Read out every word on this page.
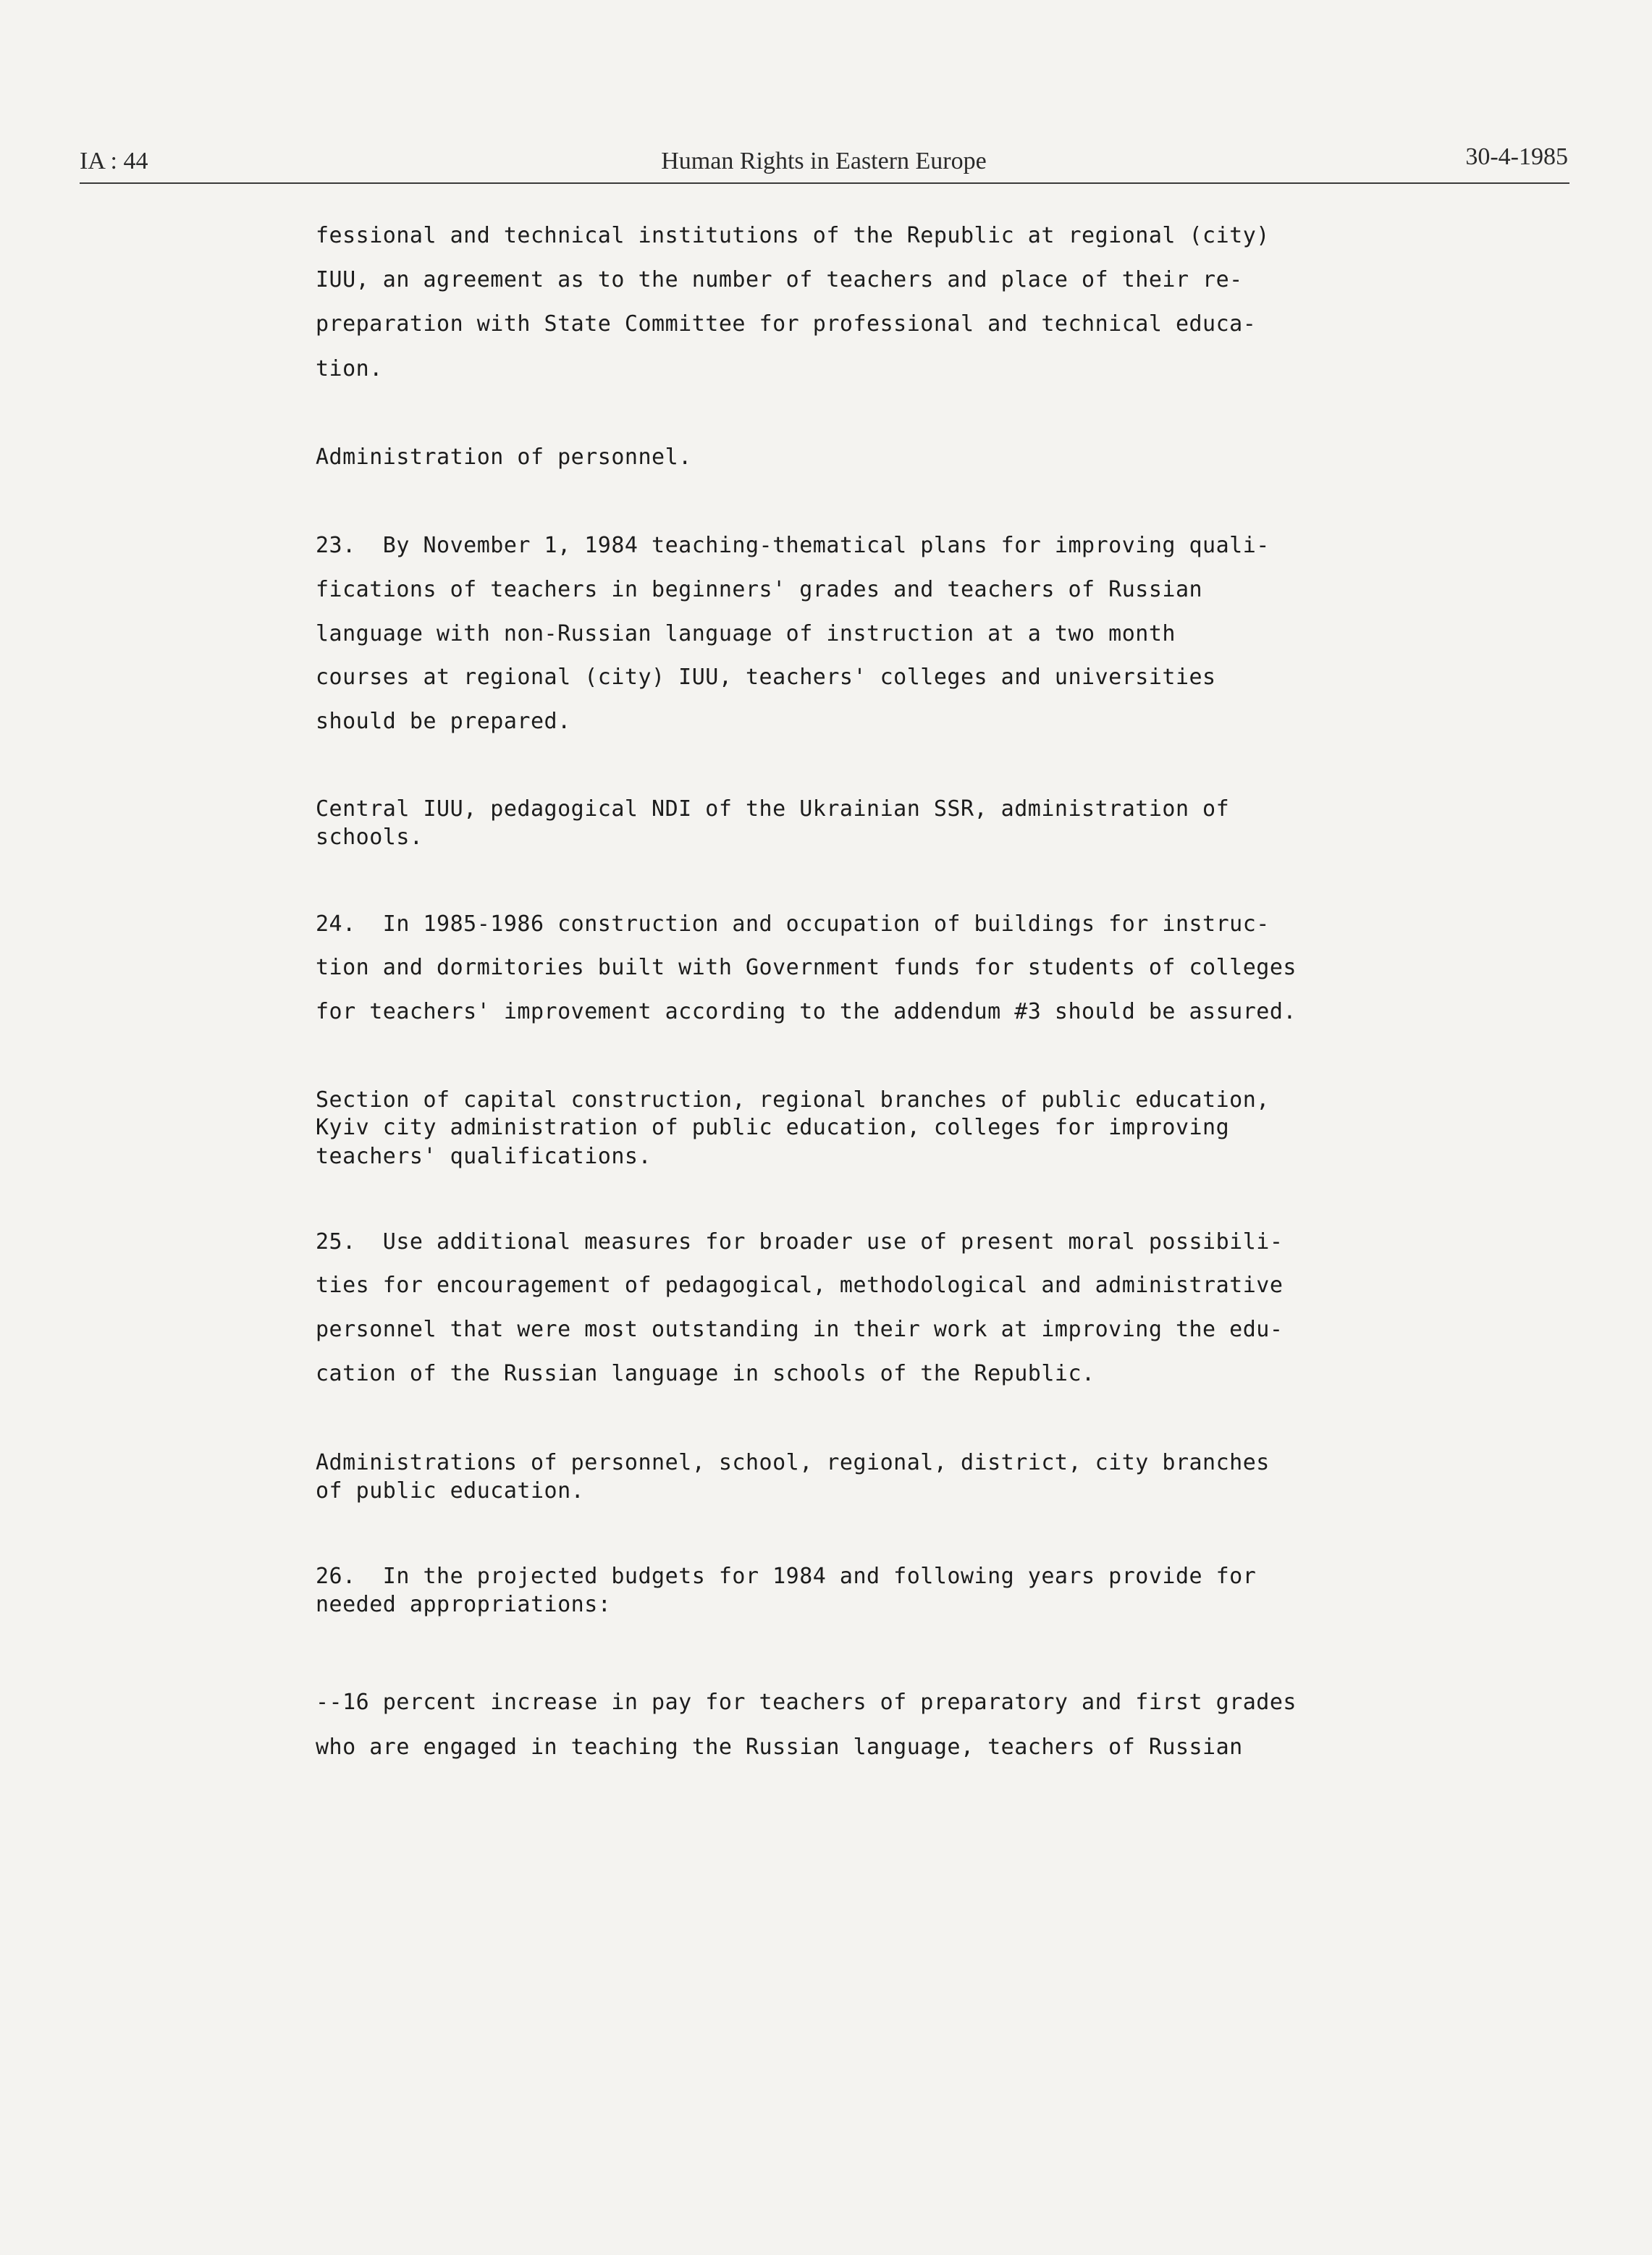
IA : 44	Human Rights in Eastern Europe	30-4-1985
fessional and technical institutions of the Republic at regional (city)
IUU, an agreement as to the number of teachers and place of their re-
preparation with State Committee for professional and technical educa-
tion.
Administration of personnel.
23.  By November 1, 1984 teaching-thematical plans for improving quali-
fications of teachers in beginners' grades and teachers of Russian
language with non-Russian language of instruction at a two month
courses at regional (city) IUU, teachers' colleges and universities
should be prepared.
Central IUU, pedagogical NDI of the Ukrainian SSR, administration of
schools.
24.  In 1985-1986 construction and occupation of buildings for instruc-
tion and dormitories built with Government funds for students of colleges
for teachers' improvement according to the addendum #3 should be assured.
Section of capital construction, regional branches of public education,
Kyiv city administration of public education, colleges for improving
teachers' qualifications.
25.  Use additional measures for broader use of present moral possibili-
ties for encouragement of pedagogical, methodological and administrative
personnel that were most outstanding in their work at improving the edu-
cation of the Russian language in schools of the Republic.
Administrations of personnel, school, regional, district, city branches
of public education.
26.  In the projected budgets for 1984 and following years provide for
needed appropriations:
--16 percent increase in pay for teachers of preparatory and first grades
who are engaged in teaching the Russian language, teachers of Russian
